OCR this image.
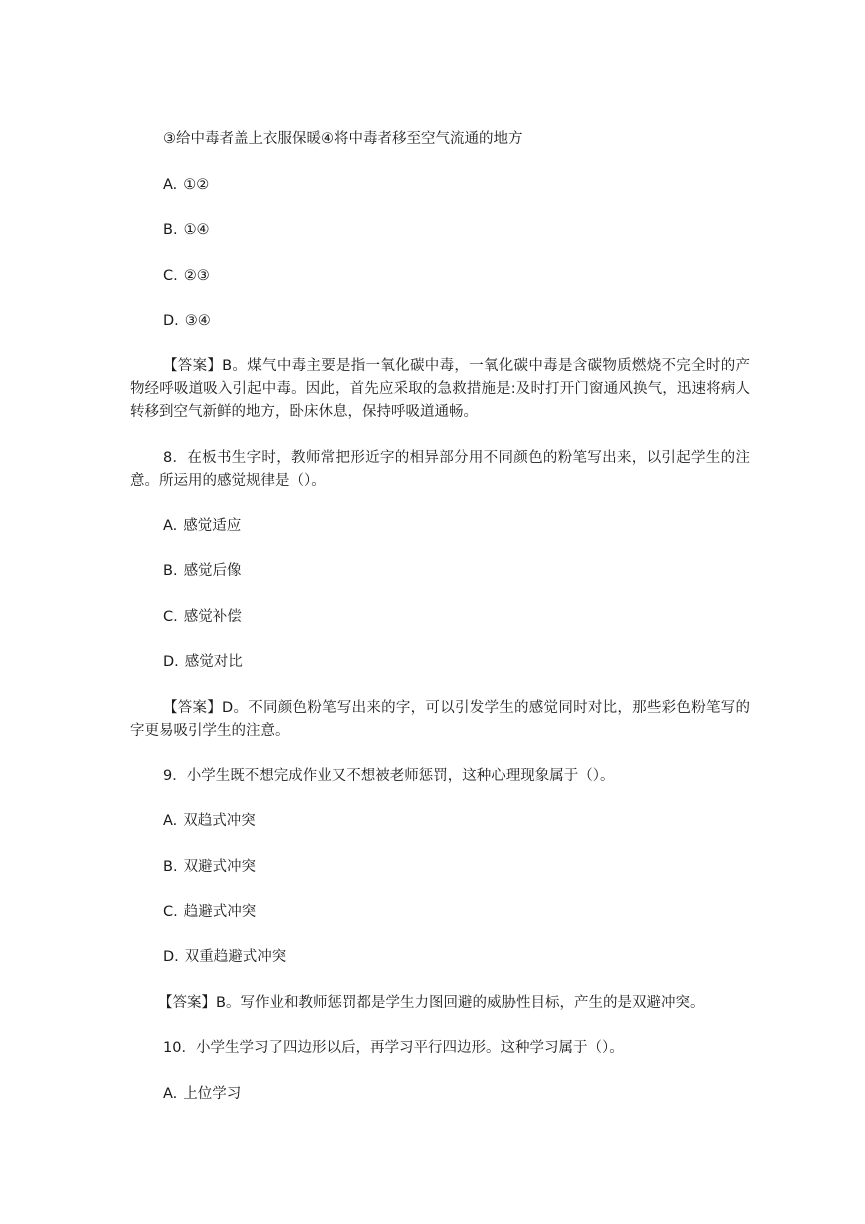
③给中毒者盖上衣服保暖④将中毒者移至空气流通的地方

A. ①②

B. ①④

C. ②③

D. ③④

【答案】B。煤气中毒主要是指一氧化碳中毒，一氧化碳中毒是含碳物质燃烧不完全时的产物经呼吸道吸入引起中毒。因此，首先应采取的急救措施是:及时打开门窗通风换气，迅速将病人转移到空气新鲜的地方，卧床休息，保持呼吸道通畅。

8．在板书生字时，教师常把形近字的相异部分用不同颜色的粉笔写出来，以引起学生的注意。所运用的感觉规律是（）。

A. 感觉适应

B. 感觉后像

C. 感觉补偿

D. 感觉对比

【答案】D。不同颜色粉笔写出来的字，可以引发学生的感觉同时对比，那些彩色粉笔写的字更易吸引学生的注意。

9．小学生既不想完成作业又不想被老师惩罚，这种心理现象属于（）。

A. 双趋式冲突

B. 双避式冲突

C. 趋避式冲突

D. 双重趋避式冲突

【答案】B。写作业和教师惩罚都是学生力图回避的威胁性目标，产生的是双避冲突。

10．小学生学习了四边形以后，再学习平行四边形。这种学习属于（）。

A. 上位学习
